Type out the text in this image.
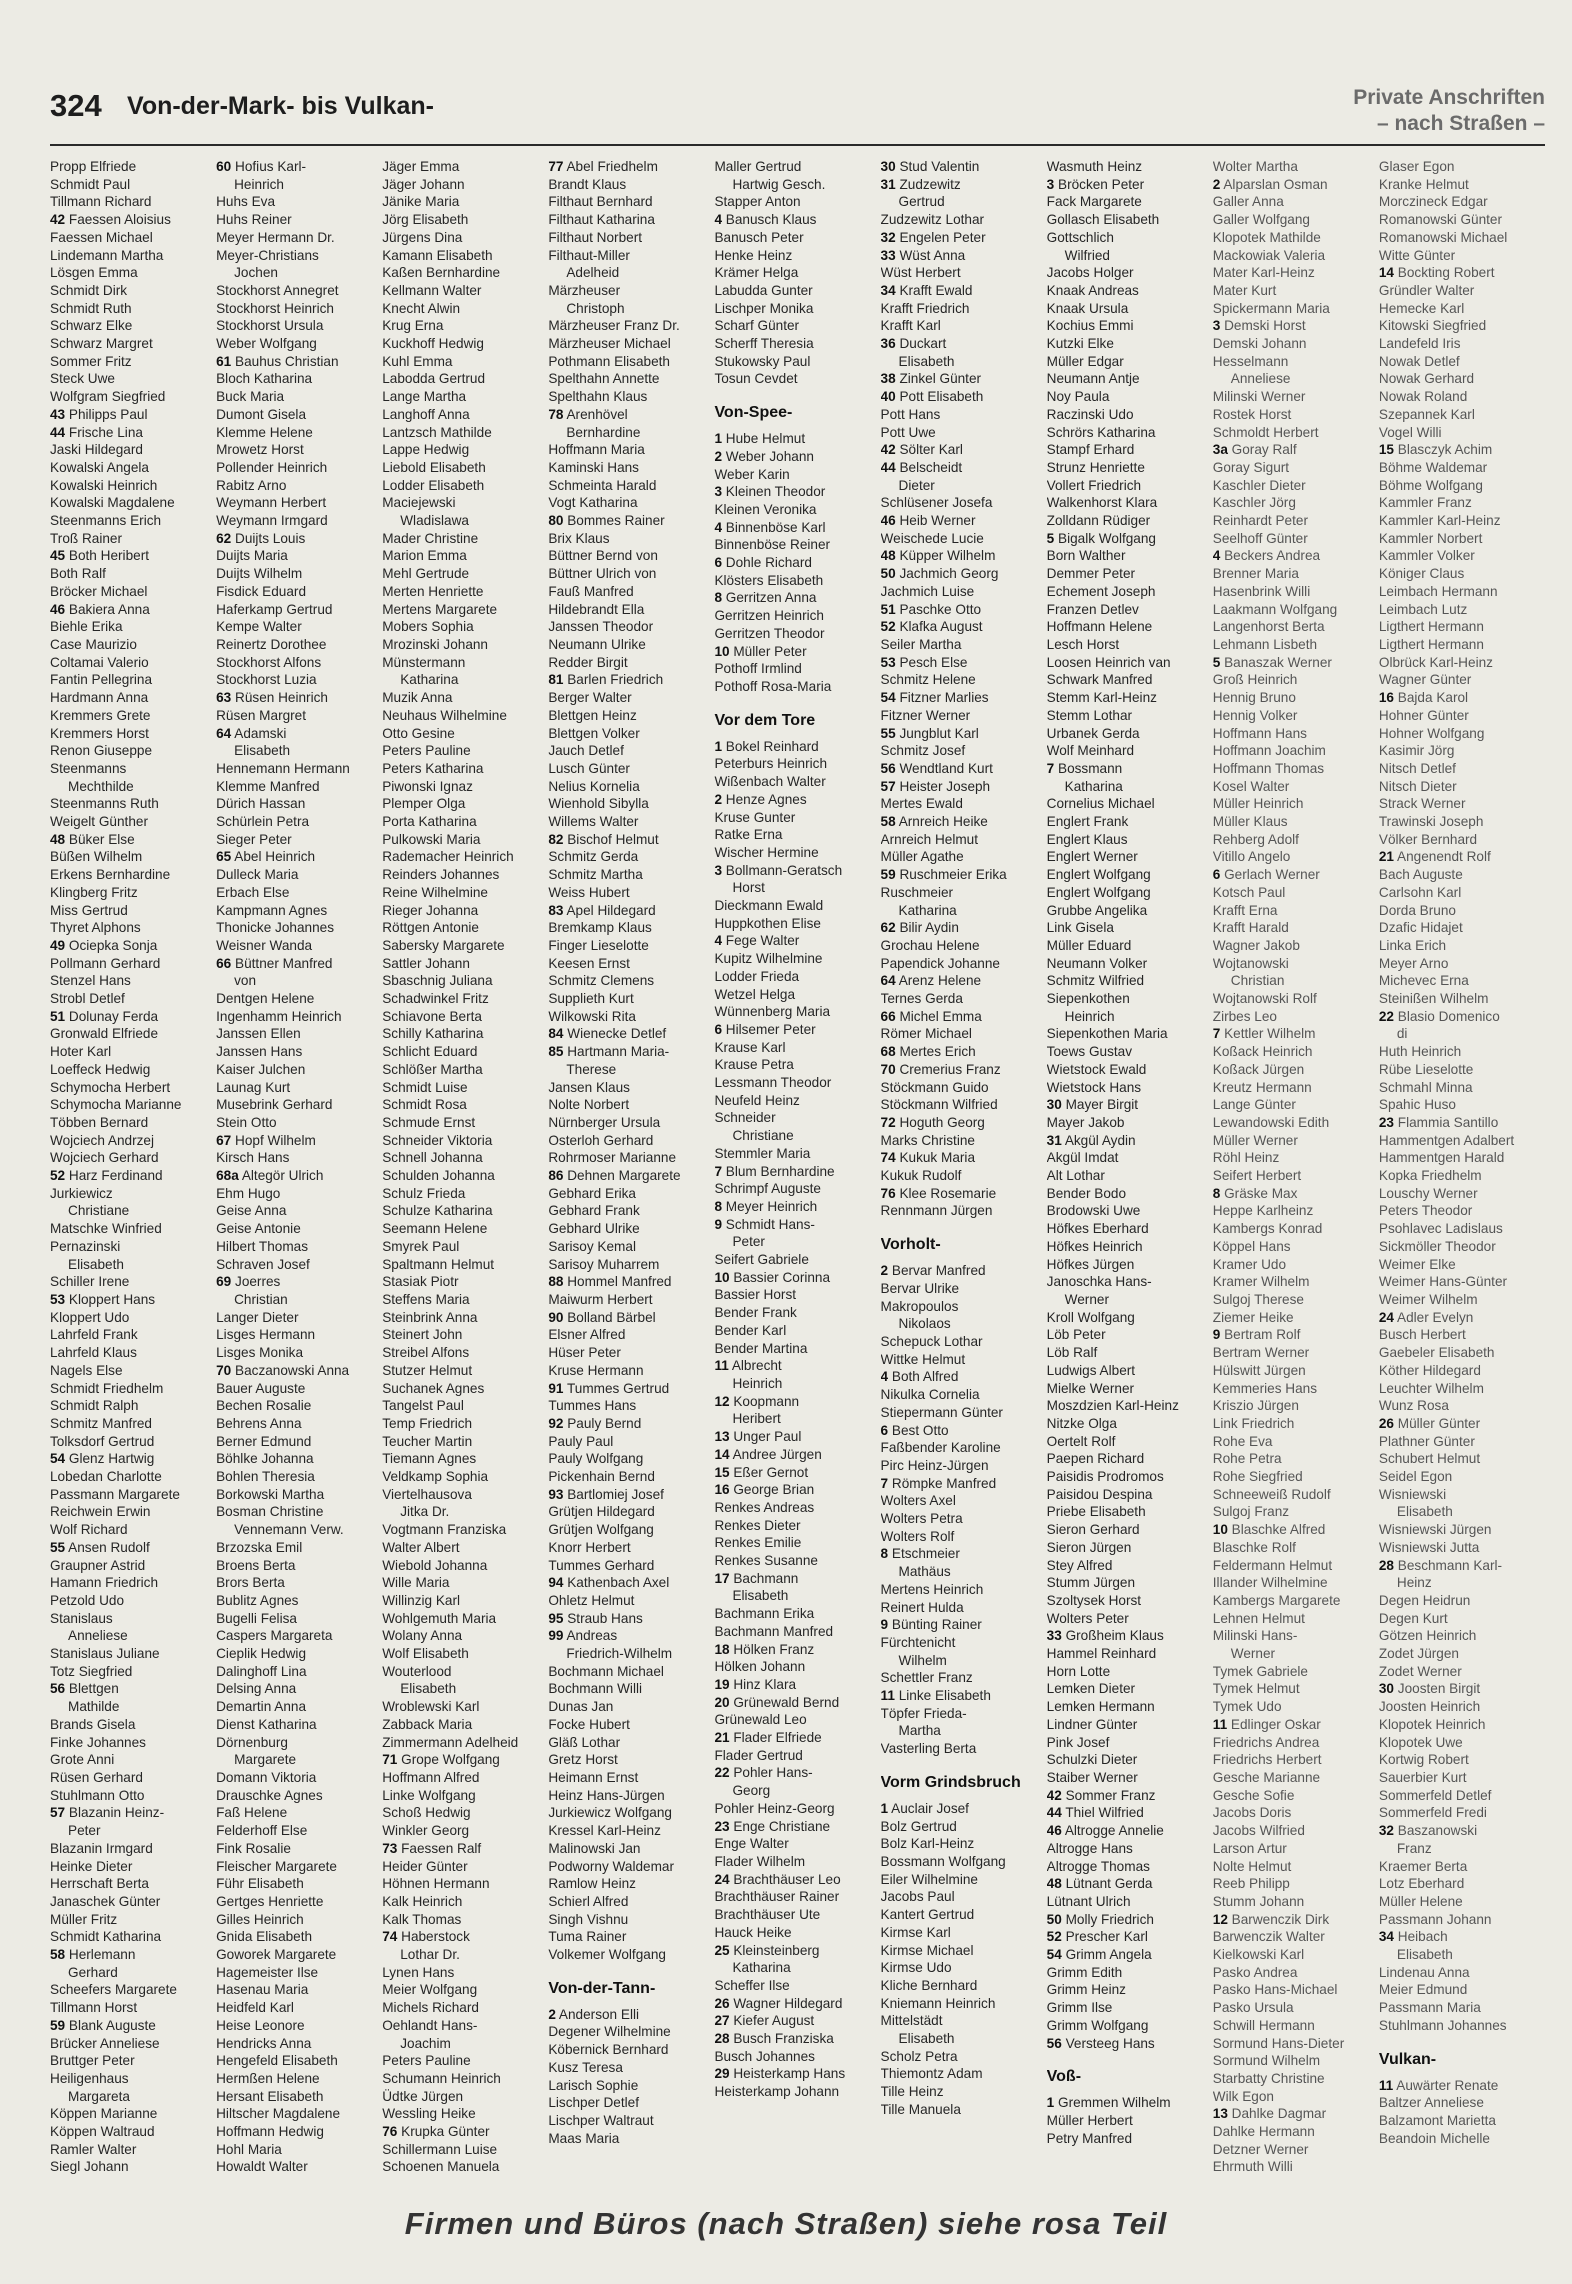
324 Von-der-Mark- bis Vulkan-	Private Anschriften
– nach Straßen –
Propp Elfriede
Schmidt Paul
Tillmann Richard
42 Faessen Aloisius
Faessen Michael
Lindemann Martha
Lösgen Emma
Schmidt Dirk
Schmidt Ruth
Schwarz Elke
Schwarz Margret
Sommer Fritz
Steck Uwe
Wolfgram Siegfried
43 Philipps Paul
44 Frische Lina
Jaski Hildegard
Kowalski Angela
Kowalski Heinrich
Kowalski Magdalene
Steenmanns Erich
Troß Rainer
45 Both Heribert
Both Ralf
Bröcker Michael
46 Bakiera Anna
Biehle Erika
Case Maurizio
Coltamai Valerio
Fantin Pellegrina
Hardmann Anna
Kremmers Grete
Kremmers Horst
Renon Giuseppe
Steenmanns
Mechthilde
Steenmanns Ruth
Weigelt Günther
48 Büker Else
Büßen Wilhelm
Erkens Bernhardine
Klingberg Fritz
Miss Gertrud
Thyret Alphons
49 Ociepka Sonja
Pollmann Gerhard
Stenzel Hans
Strobl Detlef
51 Dolunay Ferda
Gronwald Elfriede
Hoter Karl
Loeffeck Hedwig
Schymocha Herbert
Schymocha Marianne
Többen Bernard
Wojciech Andrzej
Wojciech Gerhard
52 Harz Ferdinand
Jurkiewicz
Christiane
Matschke Winfried
Pernazinski
Elisabeth
Schiller Irene
53 Kloppert Hans
Kloppert Udo
Lahrfeld Frank
Lahrfeld Klaus
Nagels Else
Schmidt Friedhelm
Schmidt Ralph
Schmitz Manfred
Tolksdorf Gertrud
54 Glenz Hartwig
Lobedan Charlotte
Passmann Margarete
Reichwein Erwin
Wolf Richard
55 Ansen Rudolf
Graupner Astrid
Hamann Friedrich
Petzold Udo
Stanislaus
Anneliese
Stanislaus Juliane
Totz Siegfried
56 Blettgen
Mathilde
Brands Gisela
Finke Johannes
Grote Anni
Rüsen Gerhard
Stuhlmann Otto
57 Blazanin Heinz-
Peter
Blazanin Irmgard
Heinke Dieter
Herrschaft Berta
Janaschek Günter
Müller Fritz
Schmidt Katharina
58 Herlemann
Gerhard
Scheefers Margarete
Tillmann Horst
59 Blank Auguste
Brücker Anneliese
Bruttger Peter
Heiligenhaus
Margareta
Köppen Marianne
Köppen Waltraud
Ramler Walter
Siegl Johann
60 Hofius Karl-
Heinrich
Huhs Eva
Huhs Reiner
Meyer Hermann Dr.
Meyer-Christians
Jochen
Stockhorst Annegret
Stockhorst Heinrich
Stockhorst Ursula
Weber Wolfgang
61 Bauhus Christian
Bloch Katharina
Buck Maria
Dumont Gisela
Klemme Helene
Mrowetz Horst
Pollender Heinrich
Rabitz Arno
Weymann Herbert
Weymann Irmgard
62 Duijts Louis
Duijts Maria
Duijts Wilhelm
Fisdick Eduard
Haferkamp Gertrud
Kempe Walter
Reinertz Dorothee
Stockhorst Alfons
Stockhorst Luzia
63 Rüsen Heinrich
Rüsen Margret
64 Adamski
Elisabeth
Hennemann Hermann
Klemme Manfred
Dürich Hassan
Schürlein Petra
Sieger Peter
65 Abel Heinrich
Dulleck Maria
Erbach Else
Kampmann Agnes
Thonicke Johannes
Weisner Wanda
66 Büttner Manfred
von
Dentgen Helene
Ingenhamm Heinrich
Janssen Ellen
Janssen Hans
Kaiser Julchen
Launag Kurt
Musebrink Gerhard
Stein Otto
67 Hopf Wilhelm
Kirsch Hans
68a Altegör Ulrich
Ehm Hugo
Geise Anna
Geise Antonie
Hilbert Thomas
Schraven Josef
69 Joerres
Christian
Langer Dieter
Lisges Hermann
Lisges Monika
70 Baczanowski Anna
Bauer Auguste
Bechen Rosalie
Behrens Anna
Berner Edmund
Böhlke Johanna
Bohlen Theresia
Borkowski Martha
Bosman Christine
Vennemann Verw.
Brzozska Emil
Broens Berta
Brors Berta
Bublitz Agnes
Bugelli Felisa
Caspers Margareta
Cieplik Hedwig
Dalinghoff Lina
Delsing Anna
Demartin Anna
Dienst Katharina
Dörnenburg
Margarete
Domann Viktoria
Drauschke Agnes
Faß Helene
Felderhoff Else
Fink Rosalie
Fleischer Margarete
Führ Elisabeth
Gertges Henriette
Gilles Heinrich
Gnida Elisabeth
Goworek Margarete
Hagemeister Ilse
Hasenau Maria
Heidfeld Karl
Heise Leonore
Hendricks Anna
Hengefeld Elisabeth
Hermßen Helene
Hersant Elisabeth
Hiltscher Magdalene
Hoffmann Hedwig
Hohl Maria
Howaldt Walter
Jäger Emma
Jäger Johann
Jänike Maria
Jörg Elisabeth
Jürgens Dina
Kamann Elisabeth
Kaßen Bernhardine
Kellmann Walter
Knecht Alwin
Krug Erna
Kuckhoff Hedwig
Kuhl Emma
Labodda Gertrud
Lange Martha
Langhoff Anna
Lantzsch Mathilde
Lappe Hedwig
Liebold Elisabeth
Lodder Elisabeth
Maciejewski
Wladislawa
Mader Christine
Marion Emma
Mehl Gertrude
Merten Henriette
Mertens Margarete
Mobers Sophia
Mrozinski Johann
Münstermann
Katharina
Muzik Anna
Neuhaus Wilhelmine
Otto Gesine
Peters Pauline
Peters Katharina
Piwonski Ignaz
Plemper Olga
Porta Katharina
Pulkowski Maria
Rademacher Heinrich
Reinders Johannes
Reine Wilhelmine
Rieger Johanna
Röttgen Antonie
Sabersky Margarete
Sattler Johann
Sbaschnig Juliana
Schadwinkel Fritz
Schiavone Berta
Schilly Katharina
Schlicht Eduard
Schlößer Martha
Schmidt Luise
Schmidt Rosa
Schmude Ernst
Schneider Viktoria
Schnell Johanna
Schulden Johanna
Schulz Frieda
Schulze Katharina
Seemann Helene
Smyrek Paul
Spaltmann Helmut
Stasiak Piotr
Steffens Maria
Steinbrink Anna
Steinert John
Streibel Alfons
Stutzer Helmut
Suchanek Agnes
Tangelst Paul
Temp Friedrich
Teucher Martin
Tiemann Agnes
Veldkamp Sophia
Viertelhausova
Jitka Dr.
Vogtmann Franziska
Walter Albert
Wiebold Johanna
Wille Maria
Willinzig Karl
Wohlgemuth Maria
Wolany Anna
Wolf Elisabeth
Wouterlood
Elisabeth
Wroblewski Karl
Zabback Maria
Zimmermann Adelheid
71 Grope Wolfgang
Hoffmann Alfred
Linke Wolfgang
Schoß Hedwig
Winkler Georg
73 Faessen Ralf
Heider Günter
Höhnen Hermann
Kalk Heinrich
Kalk Thomas
74 Haberstock
Lothar Dr.
Lynen Hans
Meier Wolfgang
Michels Richard
Oehlandt Hans-
Joachim
Peters Pauline
Schumann Heinrich
Üdtke Jürgen
Wessling Heike
76 Krupka Günter
Schillermann Luise
Schoenen Manuela
77 Abel Friedhelm
Brandt Klaus
Filthaut Bernhard
Filthaut Katharina
Filthaut Norbert
Filthaut-Miller
Adelheid
Märzheuser
Christoph
Märzheuser Franz Dr.
Märzheuser Michael
Pothmann Elisabeth
Spelthahn Annette
Spelthahn Klaus
78 Arenhövel
Bernhardine
Hoffmann Maria
Kaminski Hans
Schmeinta Harald
Vogt Katharina
80 Bommes Rainer
Brix Klaus
Büttner Bernd von
Büttner Ulrich von
Fauß Manfred
Hildebrandt Ella
Janssen Theodor
Neumann Ulrike
Redder Birgit
81 Barlen Friedrich
Berger Walter
Blettgen Heinz
Blettgen Volker
Jauch Detlef
Lusch Günter
Nelius Kornelia
Wienhold Sibylla
Willems Walter
82 Bischof Helmut
Schmitz Gerda
Schmitz Martha
Weiss Hubert
83 Apel Hildegard
Bremkamp Klaus
Finger Lieselotte
Keesen Ernst
Schmitz Clemens
Supplieth Kurt
Wilkowski Rita
84 Wienecke Detlef
85 Hartmann Maria-
Therese
Jansen Klaus
Nolte Norbert
Nürnberger Ursula
Osterloh Gerhard
Rohrmoser Marianne
86 Dehnen Margarete
Gebhard Erika
Gebhard Frank
Gebhard Ulrike
Sarisoy Kemal
Sarisoy Muharrem
88 Hommel Manfred
Maiwurm Herbert
90 Bolland Bärbel
Elsner Alfred
Hüser Peter
Kruse Hermann
91 Tummes Gertrud
Tummes Hans
92 Pauly Bernd
Pauly Paul
Pauly Wolfgang
Pickenhain Bernd
93 Bartlomiej Josef
Grütjen Hildegard
Grütjen Wolfgang
Knorr Herbert
Tummes Gerhard
94 Kathenbach Axel
Ohletz Helmut
95 Straub Hans
99 Andreas
Friedrich-Wilhelm
Bochmann Michael
Bochmann Willi
Dunas Jan
Focke Hubert
Gläß Lothar
Gretz Horst
Heimann Ernst
Heinz Hans-Jürgen
Jurkiewicz Wolfgang
Kressel Karl-Heinz
Malinowski Jan
Podworny Waldemar
Ramlow Heinz
Schierl Alfred
Singh Vishnu
Tuma Rainer
Volkemer Wolfgang
Von-der-Tann-
2 Anderson Elli
Degener Wilhelmine
Köbernick Bernhard
Kusz Teresa
Larisch Sophie
Lischper Detlef
Lischper Waltraut
Maas Maria
Maller Gertrud
Hartwig Gesch.
Stapper Anton
4 Banusch Klaus
Banusch Peter
Henke Heinz
Krämer Helga
Labudda Gunter
Lischper Monika
Scharf Günter
Scherff Theresia
Stukowsky Paul
Tosun Cevdet
Von-Spee-
1 Hube Helmut
2 Weber Johann
Weber Karin
3 Kleinen Theodor
Kleinen Veronika
4 Binnenböse Karl
Binnenböse Reiner
6 Dohle Richard
Klösters Elisabeth
8 Gerritzen Anna
Gerritzen Heinrich
Gerritzen Theodor
10 Müller Peter
Pothoff Irmlind
Pothoff Rosa-Maria
Vor dem Tore
1 Bokel Reinhard
Peterburs Heinrich
Wißenbach Walter
2 Henze Agnes
Kruse Gunter
Ratke Erna
Wischer Hermine
3 Bollmann-Geratsch
Horst
Dieckmann Ewald
Huppkothen Elise
4 Fege Walter
Kupitz Wilhelmine
Lodder Frieda
Wetzel Helga
Wünnenberg Maria
6 Hilsemer Peter
Krause Karl
Krause Petra
Lessmann Theodor
Neufeld Heinz
Schneider
Christiane
Stemmler Maria
7 Blum Bernhardine
Schrimpf Auguste
8 Meyer Heinrich
9 Schmidt Hans-
Peter
Seifert Gabriele
10 Bassier Corinna
Bassier Horst
Bender Frank
Bender Karl
Bender Martina
11 Albrecht
Heinrich
12 Koopmann
Heribert
13 Unger Paul
14 Andree Jürgen
15 Eßer Gernot
16 George Brian
Renkes Andreas
Renkes Dieter
Renkes Emilie
Renkes Susanne
17 Bachmann
Elisabeth
Bachmann Erika
Bachmann Manfred
18 Hölken Franz
Hölken Johann
19 Hinz Klara
20 Grünewald Bernd
Grünewald Leo
21 Flader Elfriede
Flader Gertrud
22 Pohler Hans-
Georg
Pohler Heinz-Georg
23 Enge Christiane
Enge Walter
Flader Wilhelm
24 Brachthäuser Leo
Brachthäuser Rainer
Brachthäuser Ute
Hauck Heike
25 Kleinsteinberg
Katharina
Scheffer Ilse
26 Wagner Hildegard
27 Kiefer August
28 Busch Franziska
Busch Johannes
29 Heisterkamp Hans
Heisterkamp Johann
30 Stud Valentin
31 Zudzewitz
Gertrud
Zudzewitz Lothar
32 Engelen Peter
33 Wüst Anna
Wüst Herbert
34 Krafft Ewald
Krafft Friedrich
Krafft Karl
36 Duckart
Elisabeth
38 Zinkel Günter
40 Pott Elisabeth
Pott Hans
Pott Uwe
42 Sölter Karl
44 Belscheidt
Dieter
Schlüsener Josefa
46 Heib Werner
Weischede Lucie
48 Küpper Wilhelm
50 Jachmich Georg
Jachmich Luise
51 Paschke Otto
52 Klafka August
Seiler Martha
53 Pesch Else
Schmitz Helene
54 Fitzner Marlies
Fitzner Werner
55 Jungblut Karl
Schmitz Josef
56 Wendtland Kurt
57 Heister Joseph
Mertes Ewald
58 Arnreich Heike
Arnreich Helmut
Müller Agathe
59 Ruschmeier Erika
Ruschmeier
Katharina
62 Bilir Aydin
Grochau Helene
Papendick Johanne
64 Arenz Helene
Ternes Gerda
66 Michel Emma
Römer Michael
68 Mertes Erich
70 Cremerius Franz
Stöckmann Guido
Stöckmann Wilfried
72 Hoguth Georg
Marks Christine
74 Kukuk Maria
Kukuk Rudolf
76 Klee Rosemarie
Rennmann Jürgen
Vorholt-
2 Bervar Manfred
Bervar Ulrike
Makropoulos
Nikolaos
Schepuck Lothar
Wittke Helmut
4 Both Alfred
Nikulka Cornelia
Stiepermann Günter
6 Best Otto
Faßbender Karoline
Pirc Heinz-Jürgen
7 Römpke Manfred
Wolters Axel
Wolters Petra
Wolters Rolf
8 Etschmeier
Mathäus
Mertens Heinrich
Reinert Hulda
9 Bünting Rainer
Fürchtenicht
Wilhelm
Schettler Franz
11 Linke Elisabeth
Töpfer Frieda-
Martha
Vasterling Berta
Vorm Grindsbruch
1 Auclair Josef
Bolz Gertrud
Bolz Karl-Heinz
Bossmann Wolfgang
Eiler Wilhelmine
Jacobs Paul
Kantert Gertrud
Kirmse Karl
Kirmse Michael
Kirmse Udo
Kliche Bernhard
Kniemann Heinrich
Mittelstädt
Elisabeth
Scholz Petra
Thiemontz Adam
Tille Heinz
Tille Manuela
Wasmuth Heinz
3 Bröcken Peter
Fack Margarete
Gollasch Elisabeth
Gottschlich
Wilfried
Jacobs Holger
Knaak Andreas
Knaak Ursula
Kochius Emmi
Kutzki Elke
Müller Edgar
Neumann Antje
Noy Paula
Raczinski Udo
Schrörs Katharina
Stampf Erhard
Strunz Henriette
Vollert Friedrich
Walkenhorst Klara
Zolldann Rüdiger
5 Bigalk Wolfgang
Born Walther
Demmer Peter
Echement Joseph
Franzen Detlev
Hoffmann Helene
Lesch Horst
Loosen Heinrich van
Schwark Manfred
Stemm Karl-Heinz
Stemm Lothar
Urbanek Gerda
Wolf Meinhard
7 Bossmann
Katharina
Cornelius Michael
Englert Frank
Englert Klaus
Englert Werner
Englert Wolfgang
Englert Wolfgang
Grubbe Angelika
Link Gisela
Müller Eduard
Neumann Volker
Schmitz Wilfried
Siepenkothen
Heinrich
Siepenkothen Maria
Toews Gustav
Wietstock Ewald
Wietstock Hans
30 Mayer Birgit
Mayer Jakob
31 Akgül Aydin
Akgül Imdat
Alt Lothar
Bender Bodo
Brodowski Uwe
Höfkes Eberhard
Höfkes Heinrich
Höfkes Jürgen
Janoschka Hans-
Werner
Kroll Wolfgang
Löb Peter
Löb Ralf
Ludwigs Albert
Mielke Werner
Moszdzien Karl-Heinz
Nitzke Olga
Oertelt Rolf
Paepen Richard
Paisidis Prodromos
Paisidou Despina
Priebe Elisabeth
Sieron Gerhard
Sieron Jürgen
Stey Alfred
Stumm Jürgen
Szoltysek Horst
Wolters Peter
33 Großheim Klaus
Hammel Reinhard
Horn Lotte
Lemken Dieter
Lemken Hermann
Lindner Günter
Pink Josef
Schulzki Dieter
Staiber Werner
42 Sommer Franz
44 Thiel Wilfried
46 Altrogge Annelie
Altrogge Hans
Altrogge Thomas
48 Lütnant Gerda
Lütnant Ulrich
50 Molly Friedrich
52 Prescher Karl
54 Grimm Angela
Grimm Edith
Grimm Heinz
Grimm Ilse
Grimm Wolfgang
56 Versteeg Hans
Voß-
1 Gremmen Wilhelm
Müller Herbert
Petry Manfred
Wolter Martha
2 Alparslan Osman
Galler Anna
Galler Wolfgang
Klopotek Mathilde
Mackowiak Valeria
Mater Karl-Heinz
Mater Kurt
Spickermann Maria
3 Demski Horst
Demski Johann
Hesselmann
Anneliese
Milinski Werner
Rostek Horst
Schmoldt Herbert
3a Goray Ralf
Goray Sigurt
Kaschler Dieter
Kaschler Jörg
Reinhardt Peter
Seelhoff Günter
4 Beckers Andrea
Brenner Maria
Hasenbrink Willi
Laakmann Wolfgang
Langenhorst Berta
Lehmann Lisbeth
5 Banaszak Werner
Groß Heinrich
Hennig Bruno
Hennig Volker
Hoffmann Hans
Hoffmann Joachim
Hoffmann Thomas
Kosel Walter
Müller Heinrich
Müller Klaus
Rehberg Adolf
Vitillo Angelo
6 Gerlach Werner
Kotsch Paul
Krafft Erna
Krafft Harald
Wagner Jakob
Wojtanowski
Christian
Wojtanowski Rolf
Zirbes Leo
7 Kettler Wilhelm
Koßack Heinrich
Koßack Jürgen
Kreutz Hermann
Lange Günter
Lewandowski Edith
Müller Werner
Röhl Heinz
Seifert Herbert
8 Gräske Max
Heppe Karlheinz
Kambergs Konrad
Köppel Hans
Kramer Udo
Kramer Wilhelm
Sulgoj Therese
Ziemer Heike
9 Bertram Rolf
Bertram Werner
Hülswitt Jürgen
Kemmeries Hans
Kriszio Jürgen
Link Friedrich
Rohe Eva
Rohe Petra
Rohe Siegfried
Schneeweiß Rudolf
Sulgoj Franz
10 Blaschke Alfred
Blaschke Rolf
Feldermann Helmut
Illander Wilhelmine
Kambergs Margarete
Lehnen Helmut
Milinski Hans-
Werner
Tymek Gabriele
Tymek Helmut
Tymek Udo
11 Edlinger Oskar
Friedrichs Andrea
Friedrichs Herbert
Gesche Marianne
Gesche Sofie
Jacobs Doris
Jacobs Wilfried
Larson Artur
Nolte Helmut
Reeb Philipp
Stumm Johann
12 Barwenczik Dirk
Barwenczik Walter
Kielkowski Karl
Pasko Andrea
Pasko Hans-Michael
Pasko Ursula
Schwill Hermann
Sormund Hans-Dieter
Sormund Wilhelm
Starbatty Christine
Wilk Egon
13 Dahlke Dagmar
Dahlke Hermann
Detzner Werner
Ehrmuth Willi
Glaser Egon
Kranke Helmut
Morczineck Edgar
Romanowski Günter
Romanowski Michael
Witte Günter
14 Bockting Robert
Gründler Walter
Hemecke Karl
Kitowski Siegfried
Landefeld Iris
Nowak Detlef
Nowak Gerhard
Nowak Roland
Szepannek Karl
Vogel Willi
15 Blasczyk Achim
Böhme Waldemar
Böhme Wolfgang
Kammler Franz
Kammler Karl-Heinz
Kammler Norbert
Kammler Volker
Königer Claus
Leimbach Hermann
Leimbach Lutz
Ligthert Hermann
Ligthert Hermann
Olbrück Karl-Heinz
Wagner Günter
16 Bajda Karol
Hohner Günter
Hohner Wolfgang
Kasimir Jörg
Nitsch Detlef
Nitsch Dieter
Strack Werner
Trawinski Joseph
Völker Bernhard
21 Angenendt Rolf
Bach Auguste
Carlsohn Karl
Dorda Bruno
Dzafic Hidajet
Linka Erich
Meyer Arno
Michevec Erna
Steinißen Wilhelm
22 Blasio Domenico
di
Huth Heinrich
Rübe Lieselotte
Schmahl Minna
Spahic Huso
23 Flammia Santillo
Hammentgen Adalbert
Hammentgen Harald
Kopka Friedhelm
Louschy Werner
Peters Theodor
Psohlavec Ladislaus
Sickmöller Theodor
Weimer Elke
Weimer Hans-Günter
Weimer Wilhelm
24 Adler Evelyn
Busch Herbert
Gaebeler Elisabeth
Köther Hildegard
Leuchter Wilhelm
Wunz Rosa
26 Müller Günter
Plathner Günter
Schubert Helmut
Seidel Egon
Wisniewski
Elisabeth
Wisniewski Jürgen
Wisniewski Jutta
28 Beschmann Karl-
Heinz
Degen Heidrun
Degen Kurt
Götzen Heinrich
Zodet Jürgen
Zodet Werner
30 Joosten Birgit
Joosten Heinrich
Klopotek Heinrich
Klopotek Uwe
Kortwig Robert
Sauerbier Kurt
Sommerfeld Detlef
Sommerfeld Fredi
32 Baszanowski
Franz
Kraemer Berta
Lotz Eberhard
Müller Helene
Passmann Johann
34 Heibach
Elisabeth
Lindenau Anna
Meier Edmund
Passmann Maria
Stuhlmann Johannes
Vulkan-
11 Auwärter Renate
Baltzer Anneliese
Balzamont Marietta
Beandoin Michelle
Firmen und Büros (nach Straßen) siehe rosa Teil
